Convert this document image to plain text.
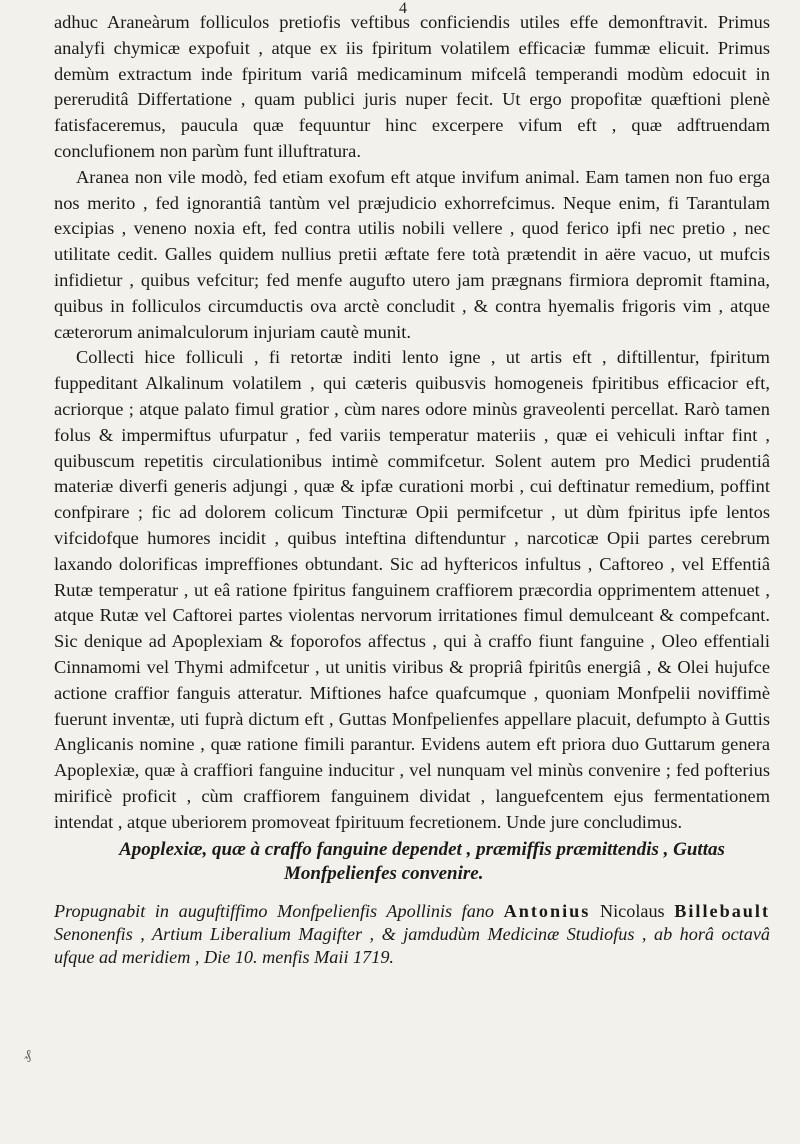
4

adhuc Araneàrum folliculos pretiofis veftibus conficiendis utiles effe demonftravit. Primus analyfi chymicæ expofuit , atque ex iis fpiritum volatilem efficaciæ fummæ elicuit. Primus demùm extractum inde fpiritum variâ medicaminum mifcelâ temperandi modùm edocuit in pereruditâ Differtatione , quam publici juris nuper fecit. Ut ergo propofitæ quæftioni plenè fatisfaceremus, paucula quæ fequuntur hinc excerpere vifum eft , quæ adftruendam conclufionem non parùm funt illuftratura.

Aranea non vile modò, fed etiam exofum eft atque invifum animal. Eam tamen non fuo erga nos merito , fed ignorantiâ tantùm vel præjudicio exhorrefcimus. Neque enim, fi Tarantulam excipias , veneno noxia eft, fed contra utilis nobili vellere , quod ferico ipfi nec pretio , nec utilitate cedit. Galles quidem nullius pretii æftate fere totà prætendit in aëre vacuo, ut mufcis infidietur , quibus vefcitur; fed menfe augufto utero jam prægnans firmiora depromit ftamina, quibus in folliculos circumductis ova arctè concludit , & contra hyemalis frigoris vim , atque cæterorum animalculorum injuriam cautè munit.

Collecti hice folliculi , fi retortæ inditi lento igne , ut artis eft , diftillentur, fpiritum fuppeditant Alkalinum volatilem , qui cæteris quibusvis homogeneis fpiritibus efficacior eft, acriorque ; atque palato fimul gratior , cùm nares odore minùs graveolenti percellat. Rarò tamen folus & impermiftus ufurpatur , fed variis temperatur materiis , quæ ei vehiculi inftar fint , quibuscum repetitis circulationibus intimè commifcetur. Solent autem pro Medici prudentiâ materiæ diverfi generis adjungi , quæ & ipfæ curationi morbi , cui deftinatur remedium, poffint confpirare ; fic ad dolorem colicum Tincturæ Opii permifcetur , ut dùm fpiritus ipfe lentos vifcidofque humores incidit , quibus inteftina diftenduntur , narcoticæ Opii partes cerebrum laxando dolorificas impreffiones obtundant. Sic ad hyftericos infultus , Caftoreo , vel Effentiâ Rutæ temperatur , ut eâ ratione fpiritus fanguinem craffiorem præcordia opprimentem attenuet , atque Rutæ vel Caftorei partes violentas nervorum irritationes fimul demulceant & compefcant. Sic denique ad Apoplexiam & foporofos affectus , qui à craffo fiunt fanguine , Oleo effentiali Cinnamomi vel Thymi admifcetur , ut unitis viribus & propriâ fpiritûs energiâ , & Olei hujufce actione craffior fanguis atteratur. Miftiones hafce quafcumque , quoniam Monfpelii noviffimè fuerunt inventæ, uti fuprà dictum eft , Guttas Monfpelienfes appellare placuit, defumpto à Guttis Anglicanis nomine , quæ ratione fimili parantur. Evidens autem eft priora duo Guttarum genera Apoplexiæ, quæ à craffiori fanguine inducitur , vel nunquam vel minùs convenire ; fed pofterius mirificè proficit , cùm craffiorem fanguinem dividat , languefcentem ejus fermentationem intendat , atque uberiorem promoveat fpirituum fecretionem. Unde jure concludimus.

Apoplexiæ, quæ à craffo fanguine dependet , præmiffis præmittendis , Guttas
Monfpelienfes convenire.

Propugnabit in auguftiffimo Monfpelienfis Apollinis fano Antonius Nicolaus Billebault Senonenfis , Artium Liberalium Magifter , & jamdudùm Medicinæ Studiofus , ab horâ octavâ ufque ad meridiem , Die 10. menfis Maii 1719.

₰
